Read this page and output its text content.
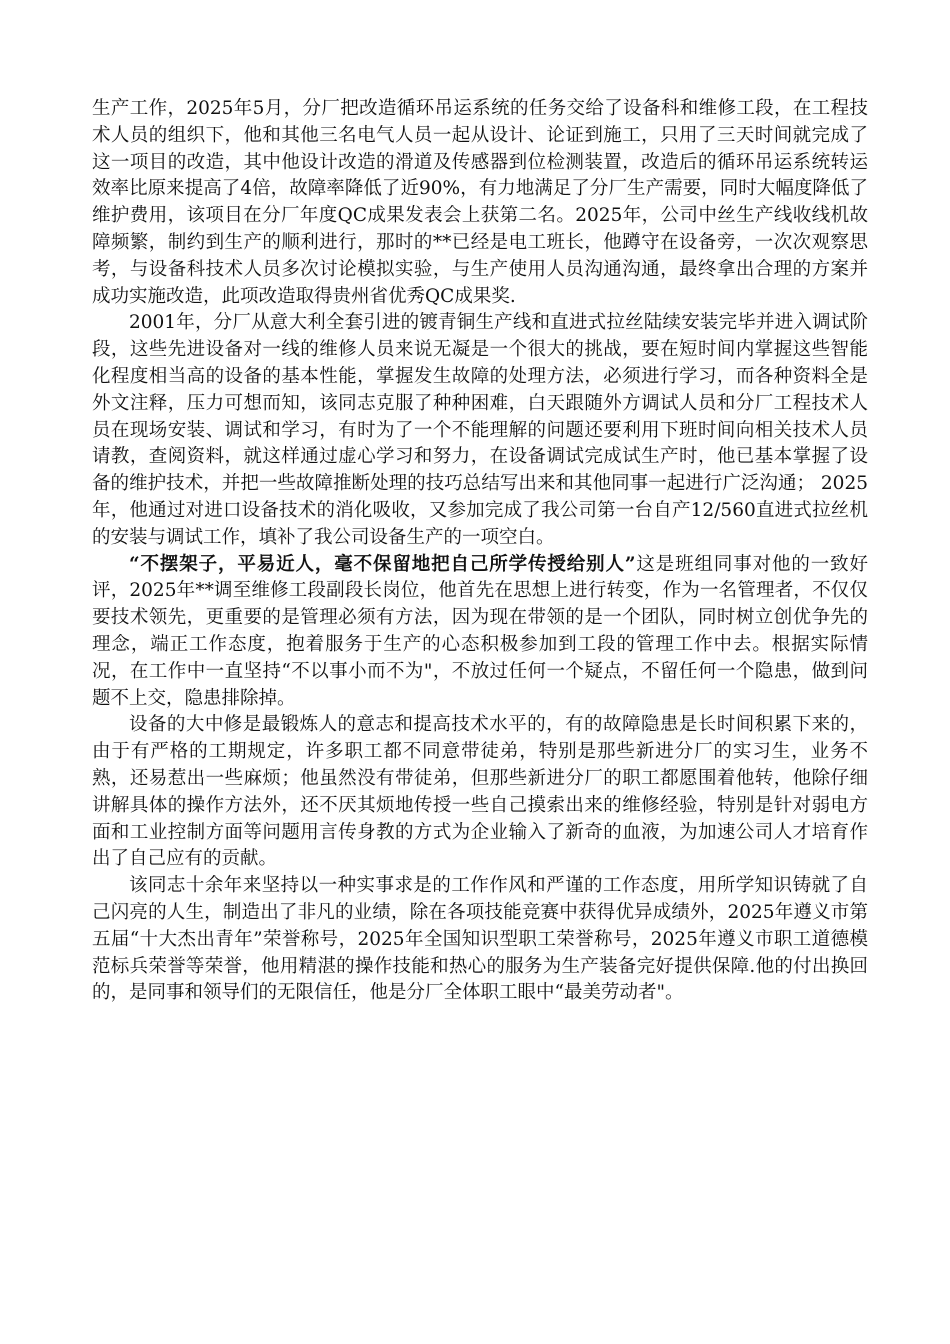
生产工作，2025年5月，分厂把改造循环吊运系统的任务交给了设备科和维修工段，在工程技术人员的组织下，他和其他三名电气人员一起从设计、论证到施工，只用了三天时间就完成了这一项目的改造，其中他设计改造的滑道及传感器到位检测装置，改造后的循环吊运系统转运效率比原来提高了4倍，故障率降低了近90%，有力地满足了分厂生产需要，同时大幅度降低了维护费用，该项目在分厂年度QC成果发表会上获第二名。2025年，公司中丝生产线收线机故障频繁，制约到生产的顺利进行，那时的**已经是电工班长，他蹲守在设备旁，一次次观察思考，与设备科技术人员多次讨论模拟实验，与生产使用人员沟通沟通，最终拿出合理的方案并成功实施改造，此项改造取得贵州省优秀QC成果奖.

2001年，分厂从意大利全套引进的镀青铜生产线和直进式拉丝陆续安装完毕并进入调试阶段，这些先进设备对一线的维修人员来说无凝是一个很大的挑战，要在短时间内掌握这些智能化程度相当高的设备的基本性能，掌握发生故障的处理方法，必须进行学习，而各种资料全是外文注释，压力可想而知，该同志克服了种种困难，白天跟随外方调试人员和分厂工程技术人员在现场安装、调试和学习，有时为了一个不能理解的问题还要利用下班时间向相关技术人员请教，查阅资料，就这样通过虚心学习和努力，在设备调试完成试生产时，他已基本掌握了设备的维护技术，并把一些故障推断处理的技巧总结写出来和其他同事一起进行广泛沟通； 2025年，他通过对进口设备技术的消化吸收，又参加完成了我公司第一台自产12/560直进式拉丝机的安装与调试工作，填补了我公司设备生产的一项空白。

“不摆架子，平易近人，毫不保留地把自己所学传授给别人”这是班组同事对他的一致好评，2025年**调至维修工段副段长岗位，他首先在思想上进行转变，作为一名管理者，不仅仅要技术领先，更重要的是管理必须有方法，因为现在带领的是一个团队，同时树立创优争先的理念，端正工作态度，抱着服务于生产的心态积极参加到工段的管理工作中去。根据实际情况，在工作中一直坚持“不以事小而不为"，不放过任何一个疑点，不留任何一个隐患，做到问题不上交，隐患排除掉。

设备的大中修是最锻炼人的意志和提高技术水平的，有的故障隐患是长时间积累下来的，由于有严格的工期规定，许多职工都不同意带徒弟，特别是那些新进分厂的实习生，业务不熟，还易惹出一些麻烦；他虽然没有带徒弟，但那些新进分厂的职工都愿围着他转，他除仔细讲解具体的操作方法外，还不厌其烦地传授一些自己摸索出来的维修经验，特别是针对弱电方面和工业控制方面等问题用言传身教的方式为企业输入了新奇的血液，为加速公司人才培育作出了自己应有的贡献。

该同志十余年来坚持以一种实事求是的工作作风和严谨的工作态度，用所学知识铸就了自己闪亮的人生，制造出了非凡的业绩，除在各项技能竞赛中获得优异成绩外，2025年遵义市第五届“十大杰出青年”荣誉称号，2025年全国知识型职工荣誉称号，2025年遵义市职工道德模范标兵荣誉等荣誉，他用精湛的操作技能和热心的服务为生产装备完好提供保障.他的付出换回的，是同事和领导们的无限信任，他是分厂全体职工眼中“最美劳动者"。
